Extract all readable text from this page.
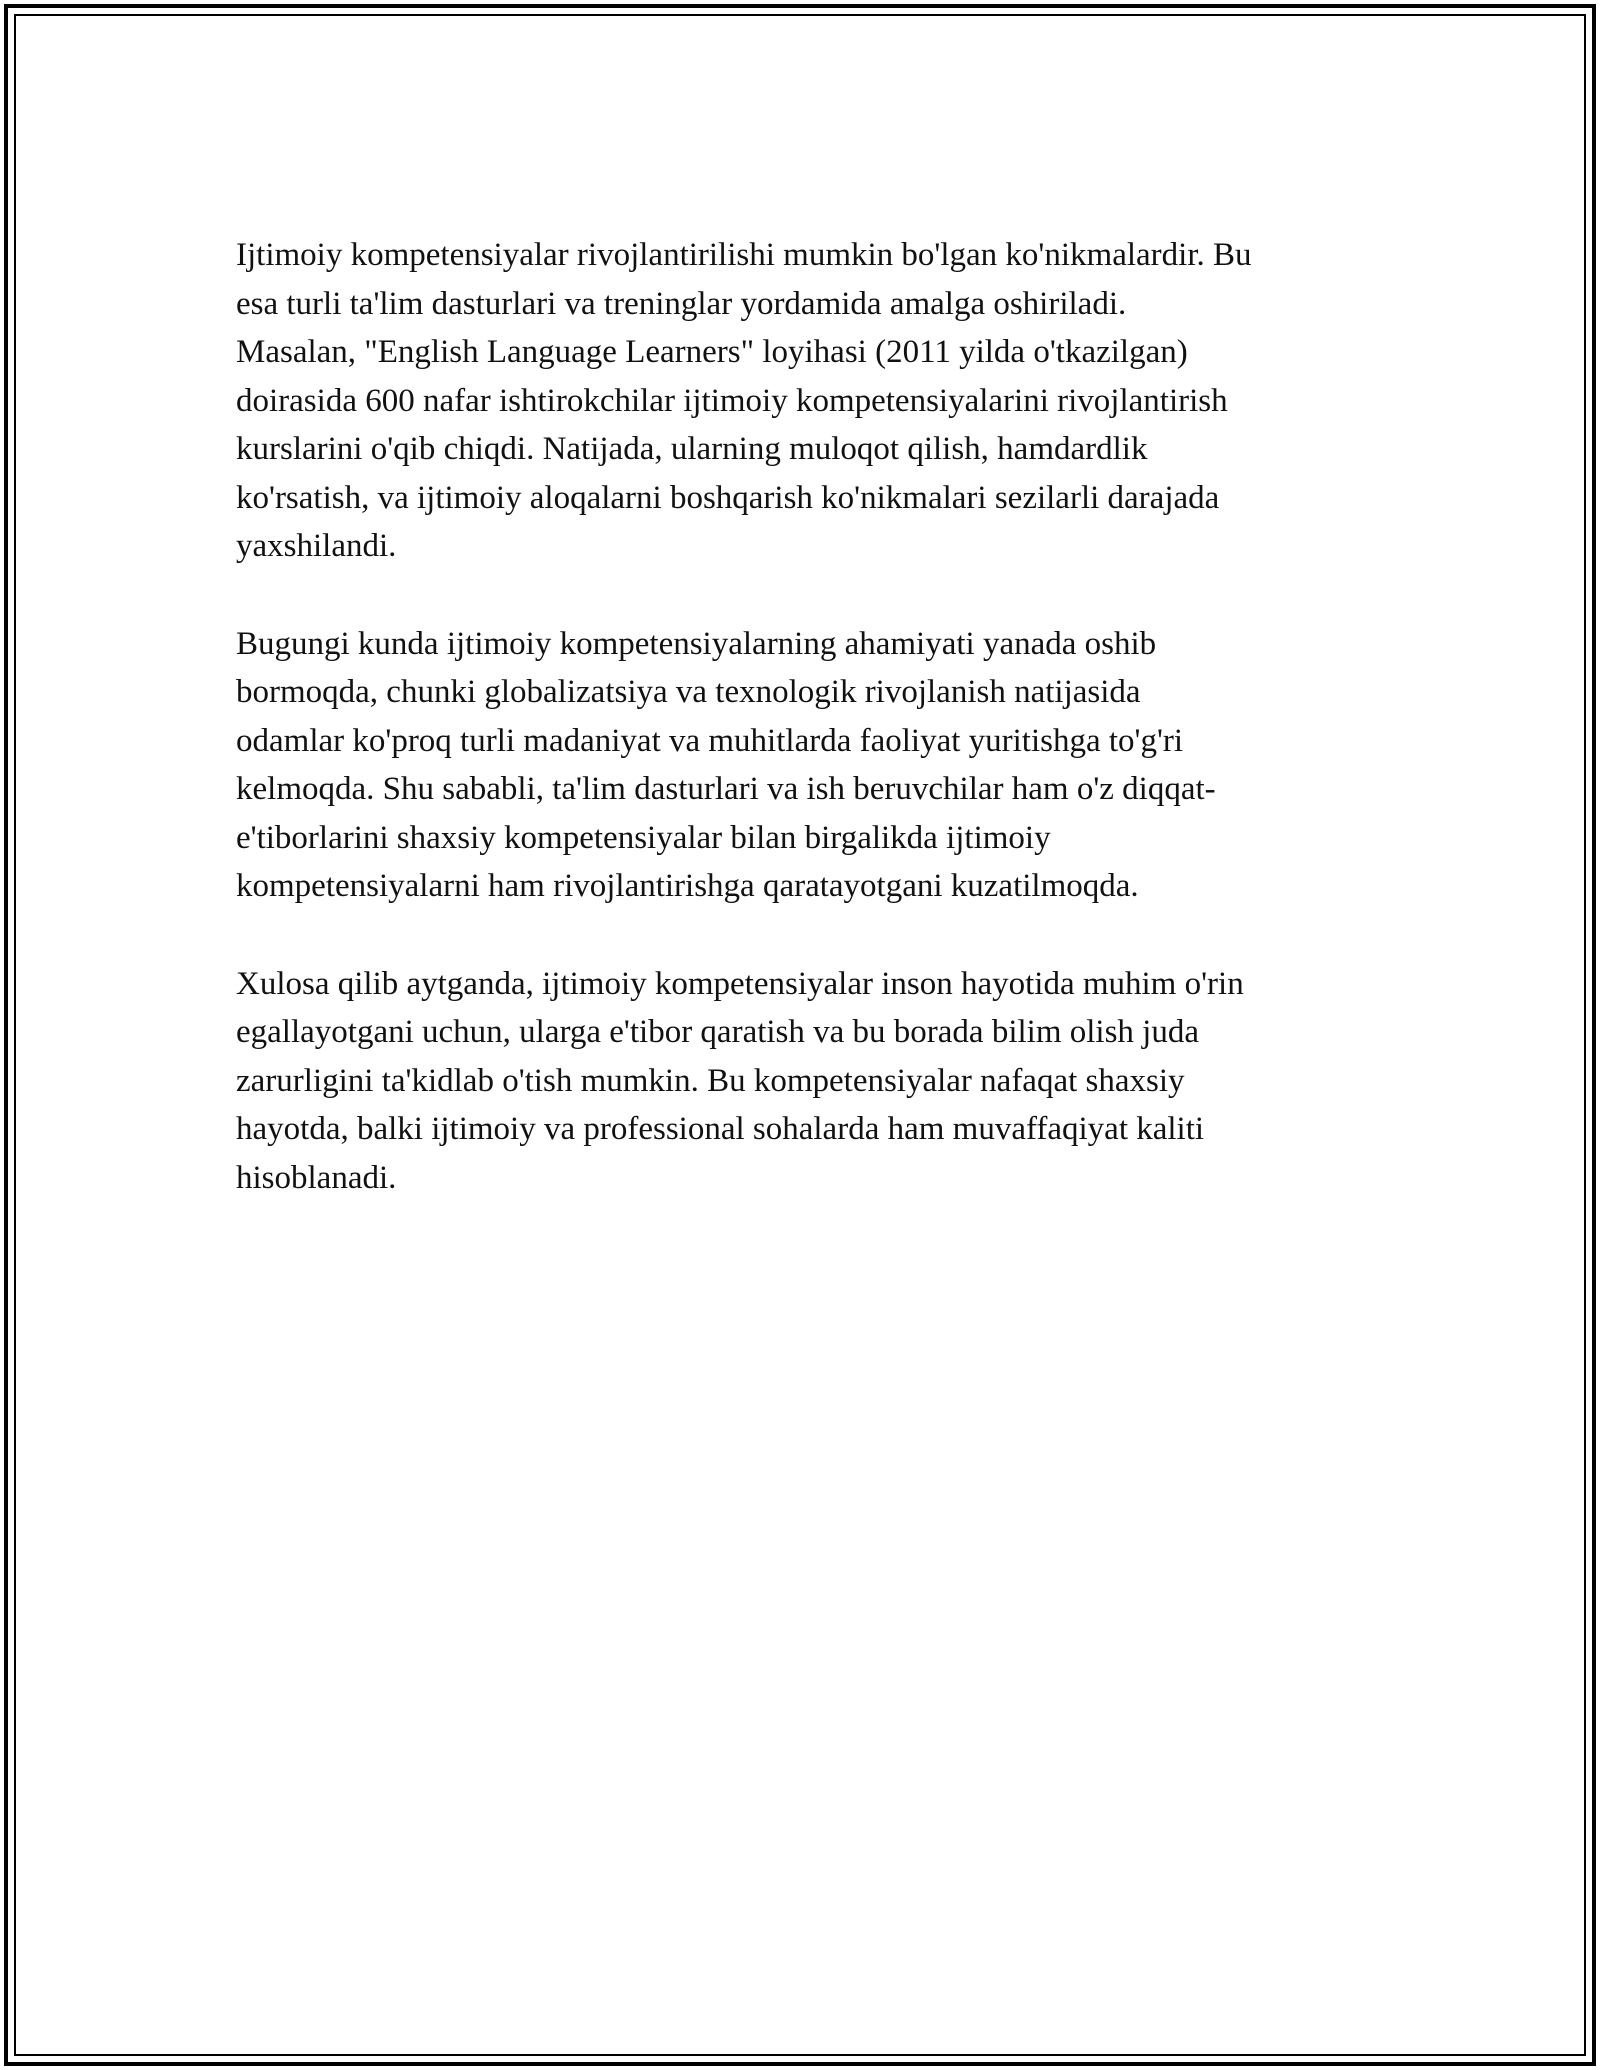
Ijtimoiy kompetensiyalar rivojlantirilishi mumkin bo'lgan ko'nikmalardir. Bu
esa turli ta'lim dasturlari va treninglar yordamida amalga oshiriladi.
Masalan, "English Language Learners" loyihasi (2011 yilda o'tkazilgan)
doirasida 600 nafar ishtirokchilar ijtimoiy kompetensiyalarini rivojlantirish
kurslarini o'qib chiqdi. Natijada, ularning muloqot qilish, hamdardlik
ko'rsatish, va ijtimoiy aloqalarni boshqarish ko'nikmalari sezilarli darajada
yaxshilandi.

Bugungi kunda ijtimoiy kompetensiyalarning ahamiyati yanada oshib
bormoqda, chunki globalizatsiya va texnologik rivojlanish natijasida
odamlar ko'proq turli madaniyat va muhitlarda faoliyat yuritishga to'g'ri
kelmoqda. Shu sababli, ta'lim dasturlari va ish beruvchilar ham o'z diqqat-
e'tiborlarini shaxsiy kompetensiyalar bilan birgalikda ijtimoiy
kompetensiyalarni ham rivojlantirishga qaratayotgani kuzatilmoqda.

Xulosa qilib aytganda, ijtimoiy kompetensiyalar inson hayotida muhim o'rin
egallayotgani uchun, ularga e'tibor qaratish va bu borada bilim olish juda
zarurligini ta'kidlab o'tish mumkin. Bu kompetensiyalar nafaqat shaxsiy
hayotda, balki ijtimoiy va professional sohalarda ham muvaffaqiyat kaliti
hisoblanadi.
